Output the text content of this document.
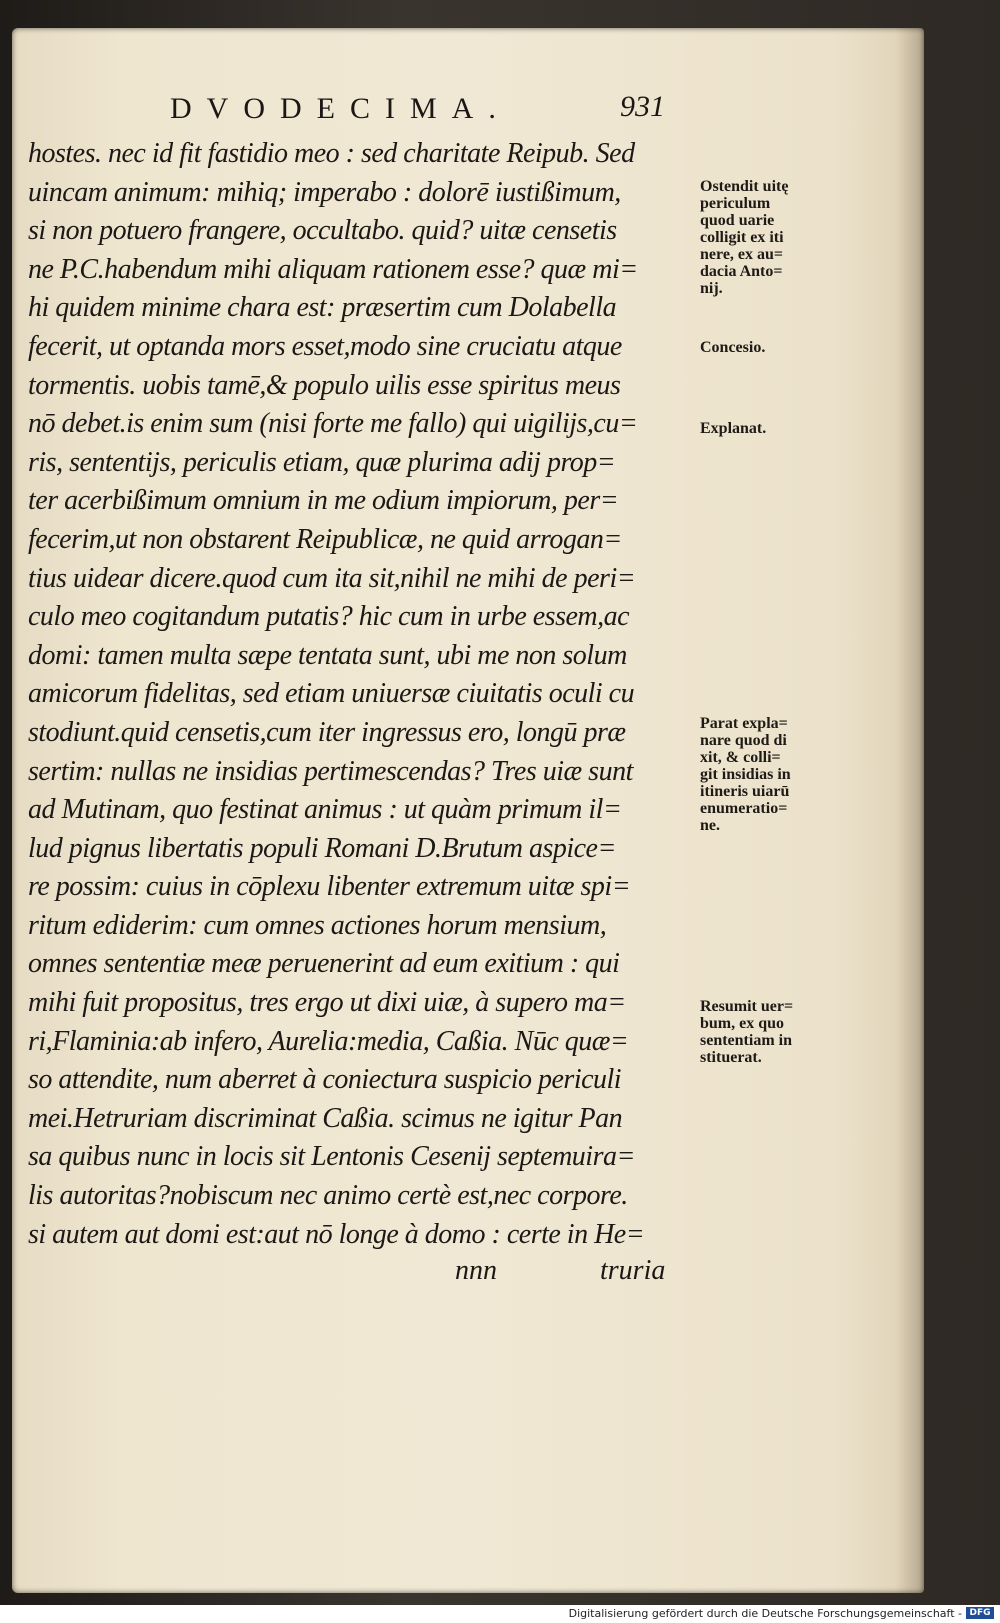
DVODECIMA.	931
hostes. nec id fit fastidio meo : sed charitate Reipub. Sed
uincam animum: mihiq; imperabo : dolorē iustißimum,
si non potuero frangere, occultabo. quid? uitæ censetis
ne P.C.habendum mihi aliquam rationem esse? quæ mi=
hi quidem minime chara est: præsertim cum Dolabella
fecerit, ut optanda mors esset,modo sine cruciatu atque
tormentis. uobis tamē,& populo uilis esse spiritus meus
nō debet.is enim sum (nisi forte me fallo) qui uigilijs,cu=
ris, sententijs, periculis etiam, quæ plurima adij prop=
ter acerbißimum omnium in me odium impiorum, per=
fecerim,ut non obstarent Reipublicæ, ne quid arrogan=
tius uidear dicere.quod cum ita sit,nihil ne mihi de peri=
culo meo cogitandum putatis? hic cum in urbe essem,ac
domi: tamen multa sæpe tentata sunt, ubi me non solum
amicorum fidelitas, sed etiam uniuersæ ciuitatis oculi cu
stodiunt.quid censetis,cum iter ingressus ero, longū præ
sertim: nullas ne insidias pertimescendas? Tres uiæ sunt
ad Mutinam, quo festinat animus : ut quàm primum il=
lud pignus libertatis populi Romani D.Brutum aspice=
re possim: cuius in cōplexu libenter extremum uitæ spi=
ritum ediderim: cum omnes actiones horum mensium,
omnes sententiæ meæ peruenerint ad eum exitium : qui
mihi fuit propositus, tres ergo ut dixi uiæ, à supero ma=
ri,Flaminia:ab infero, Aurelia:media, Caßia. Nūc quæ=
so attendite, num aberret à coniectura suspicio periculi
mei.Hetruriam discriminat Caßia. scimus ne igitur Pan
sa quibus nunc in locis sit Lentonis Cesenij septemuira=
lis autoritas?nobiscum nec animo certè est,nec corpore.
si autem aut domi est:aut nō longe à domo : certe in He=
Ostendit uitę
periculum
quod uarie
colligit ex iti
nere, ex au=
dacia Anto=
nij.
Concesio.
Explanat.
Parat expla=
nare quod di
xit, & colli=
git insidias in
itineris uiarū
enumeratio=
ne.
Resumit uer=
bum, ex quo
sententiam in
stituerat.
nnn	truria
Digitalisierung gefördert durch die Deutsche Forschungsgemeinschaft - DFG
